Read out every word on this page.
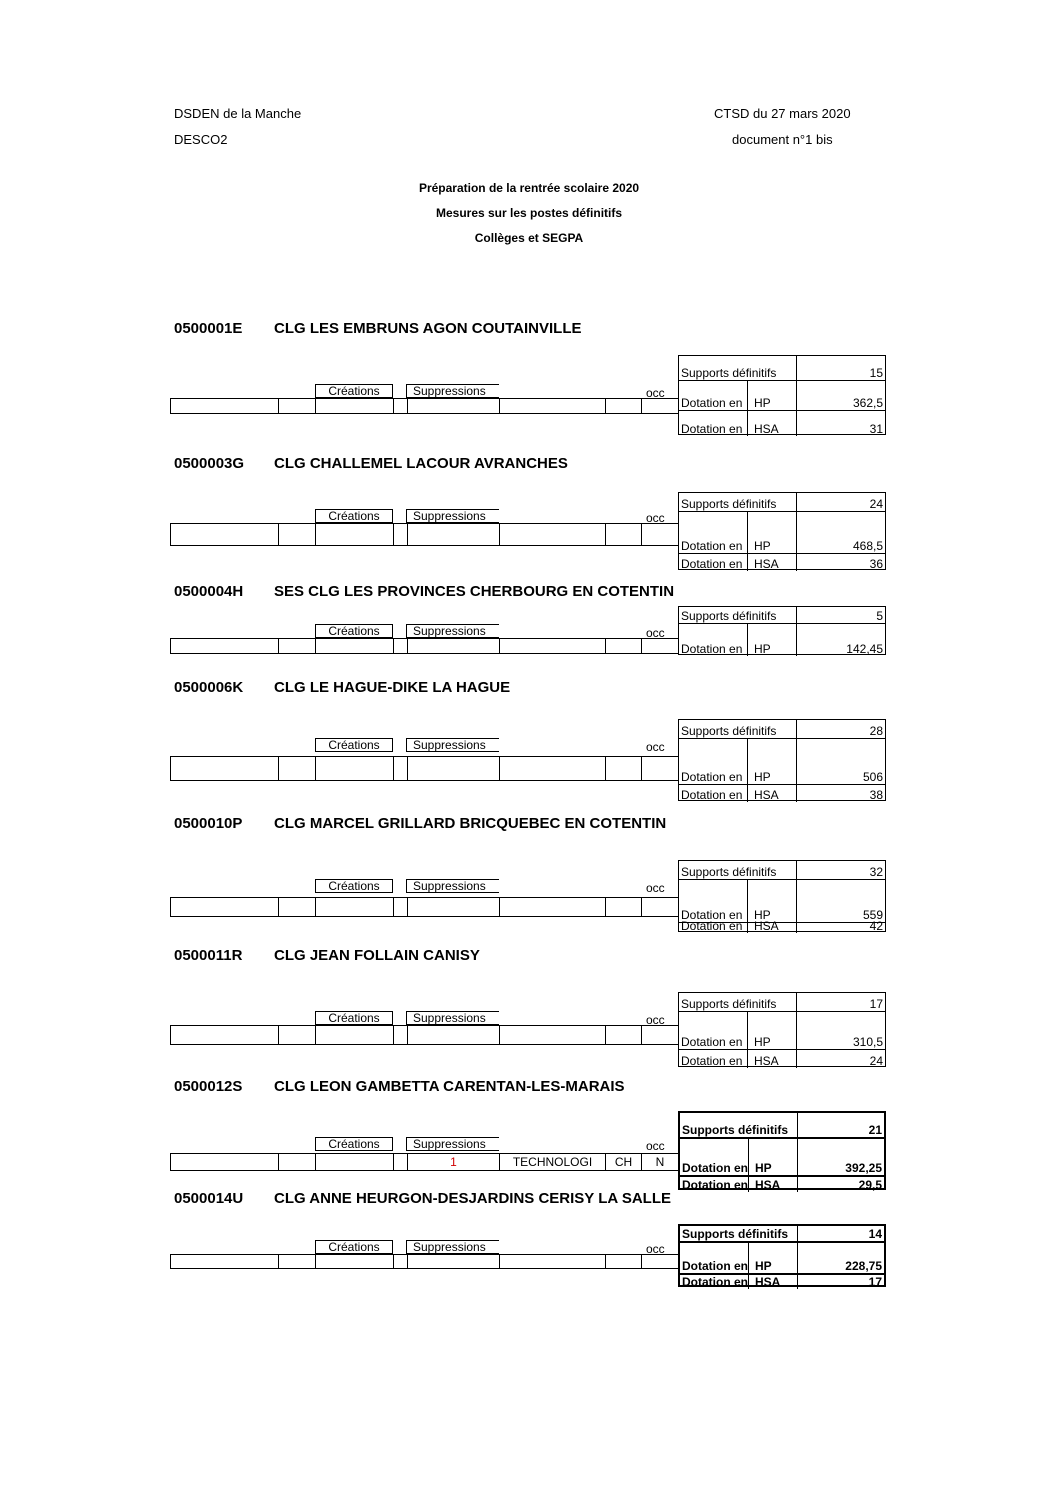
DSDEN de la Manche
DESCO2
CTSD du 27 mars 2020
document n°1 bis
Préparation de la rentrée scolaire 2020
Mesures sur les postes définitifs
Collèges et SEGPA
0500001E CLG LES EMBRUNS AGON COUTAINVILLE
Créations	Suppressions	occ
Supports définitifs	15
Dotation en HP	362,5
Dotation en HSA	31
0500003G CLG CHALLEMEL LACOUR AVRANCHES
Créations	Suppressions	occ
Supports définitifs	24
Dotation en HP	468,5
Dotation en HSA	36
0500004H SES CLG LES PROVINCES CHERBOURG EN COTENTIN
Créations	Suppressions	occ
Supports définitifs	5
Dotation en HP	142,45
0500006K CLG LE HAGUE-DIKE LA HAGUE
Créations	Suppressions	occ
Supports définitifs	28
Dotation en HP	506
Dotation en HSA	38
0500010P CLG MARCEL GRILLARD BRICQUEBEC EN COTENTIN
Créations	Suppressions	occ
Supports définitifs	32
Dotation en HP	559
Dotation en HSA	42
0500011R CLG JEAN FOLLAIN CANISY
Créations	Suppressions	occ
Supports définitifs	17
Dotation en HP	310,5
Dotation en HSA	24
0500012S CLG LEON GAMBETTA CARENTAN-LES-MARAIS
Créations	Suppressions	occ
1	TECHNOLOGI	CH	N
Supports définitifs	21
Dotation en HP	392,25
Dotation en HSA	29,5
0500014U CLG ANNE HEURGON-DESJARDINS CERISY LA SALLE
Créations	Suppressions	occ
Supports définitifs	14
Dotation en HP	228,75
Dotation en HSA	17
